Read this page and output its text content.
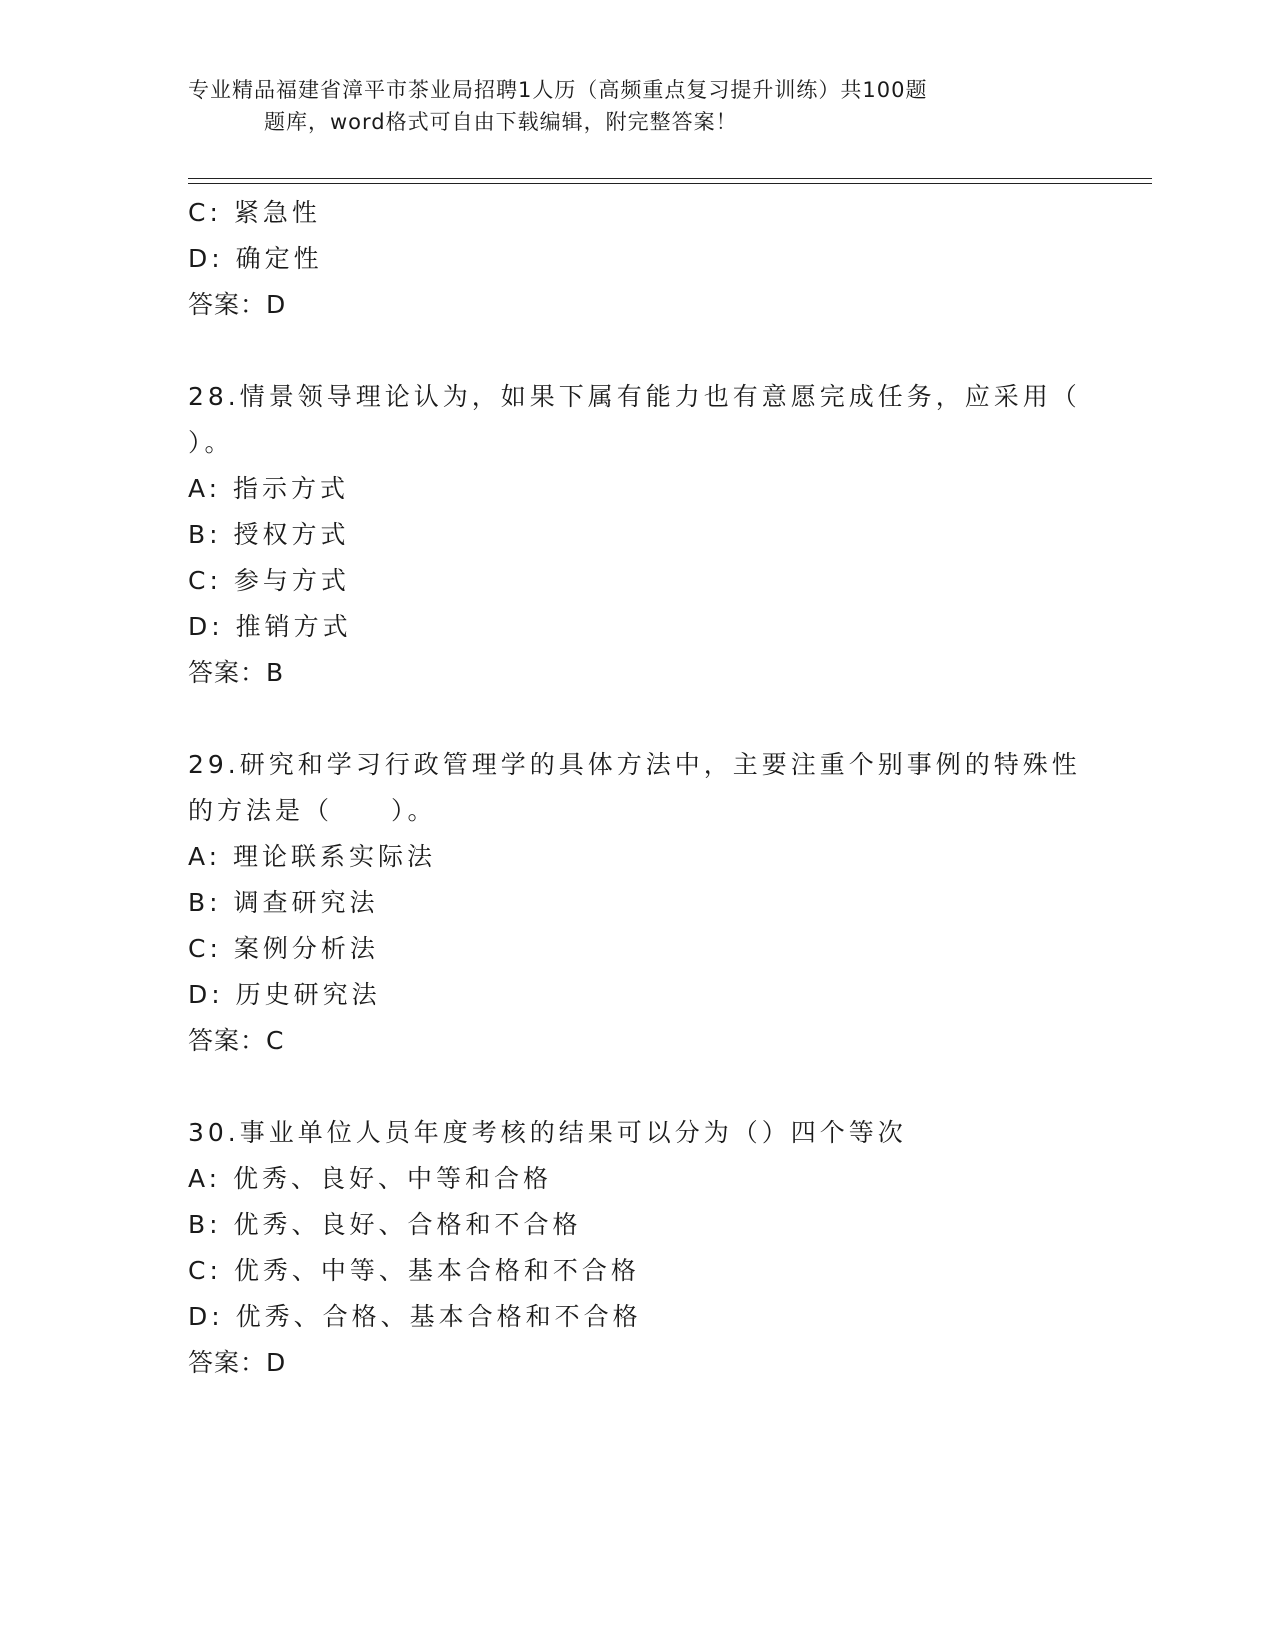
专业精品福建省漳平市茶业局招聘1人历（高频重点复习提升训练）共100题
题库，word格式可自由下载编辑，附完整答案！
C: 紧急性
D: 确定性
答案：D
28.情景领导理论认为，如果下属有能力也有意愿完成任务，应采用（
）。
A: 指示方式
B: 授权方式
C: 参与方式
D: 推销方式
答案：B
29.研究和学习行政管理学的具体方法中，主要注重个别事例的特殊性
的方法是（　　）。
A: 理论联系实际法
B: 调查研究法
C: 案例分析法
D: 历史研究法
答案：C
30.事业单位人员年度考核的结果可以分为（）四个等次
A: 优秀、良好、中等和合格
B: 优秀、良好、合格和不合格
C: 优秀、中等、基本合格和不合格
D: 优秀、合格、基本合格和不合格
答案：D
